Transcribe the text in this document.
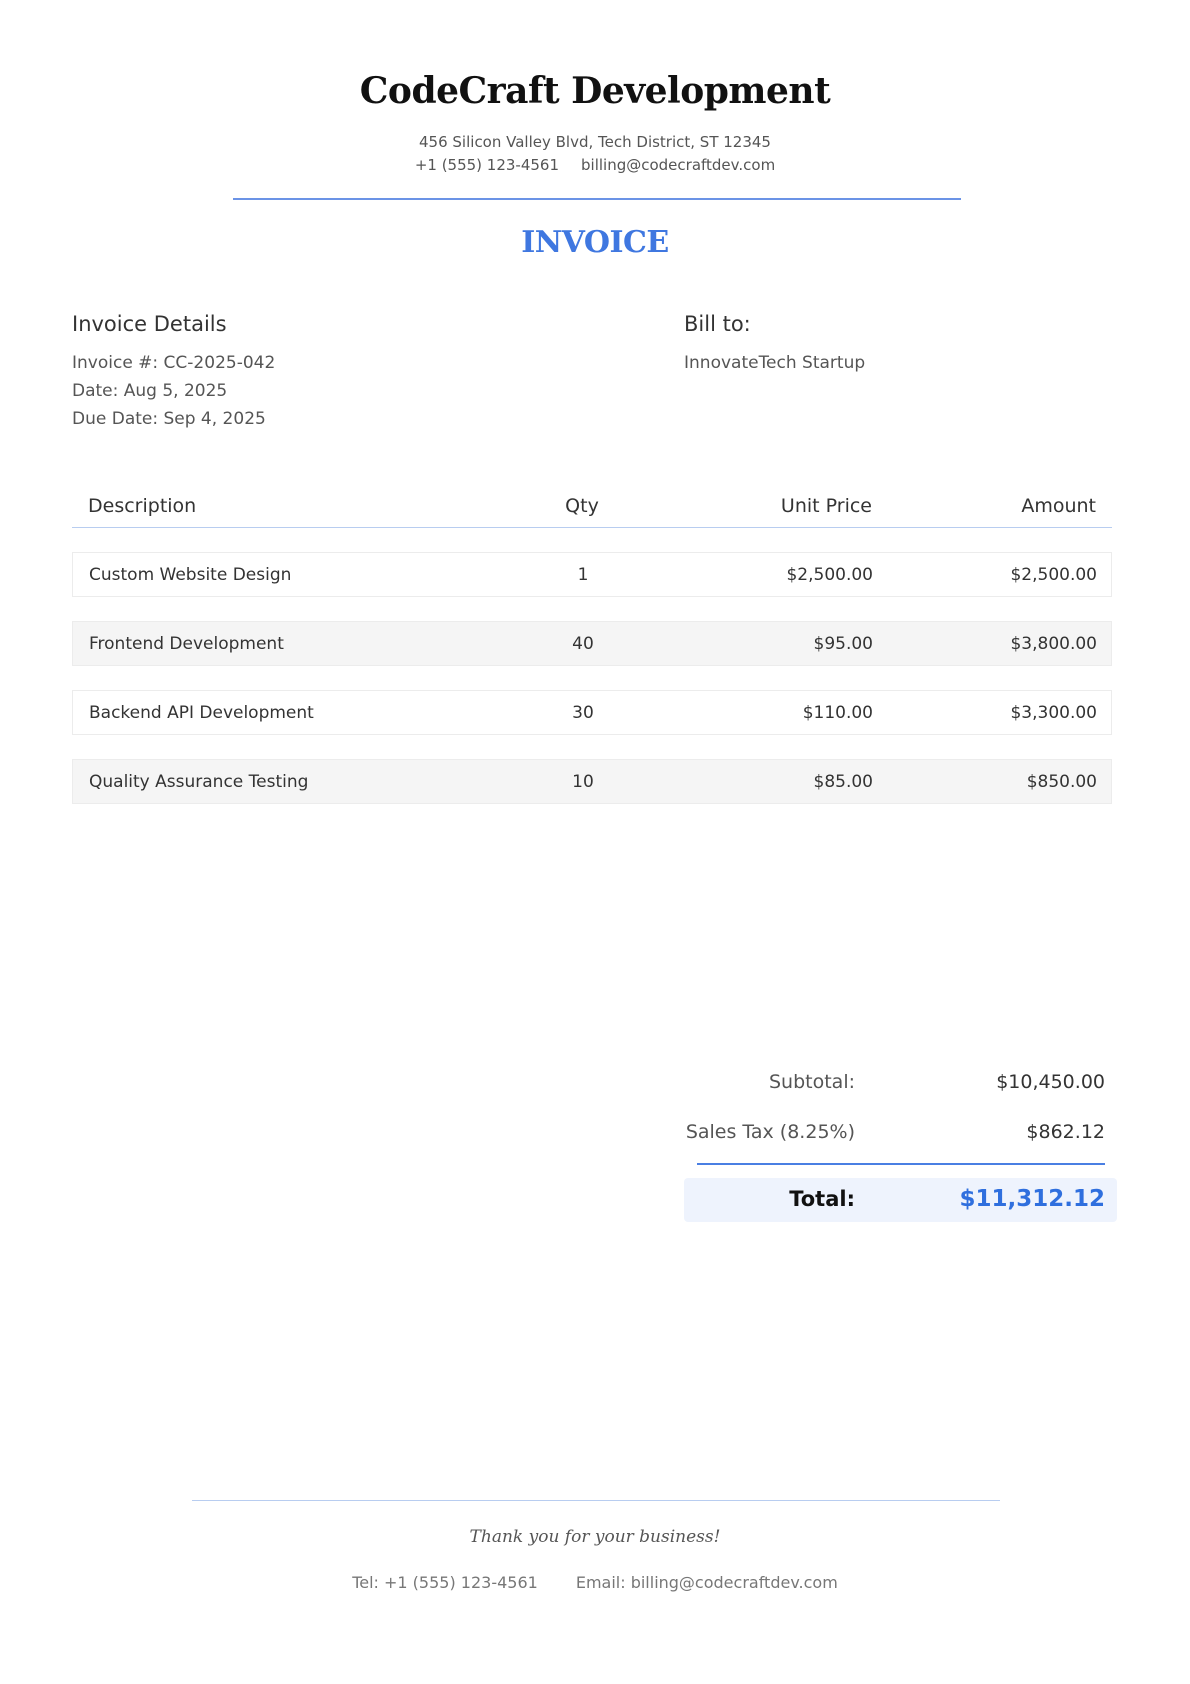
CodeCraft Development
456 Silicon Valley Blvd, Tech District, ST 12345
+1 (555) 123-4561 billing@codecraftdev.com
INVOICE
Invoice Details
Invoice #: CC-2025-042
Date: Aug 5, 2025
Due Date: Sep 4, 2025
Bill to:
InnovateTech Startup
Description	Qty	Unit Price	Amount
Custom Website Design	1	$2,500.00	$2,500.00
Frontend Development	40	$95.00	$3,800.00
Backend API Development	30	$110.00	$3,300.00
Quality Assurance Testing	10	$85.00	$850.00
Subtotal:	$10,450.00
Sales Tax (8.25%)	$862.12
Total:	$11,312.12
Thank you for your business!
Tel: +1 (555) 123-4561 Email: billing@codecraftdev.com
